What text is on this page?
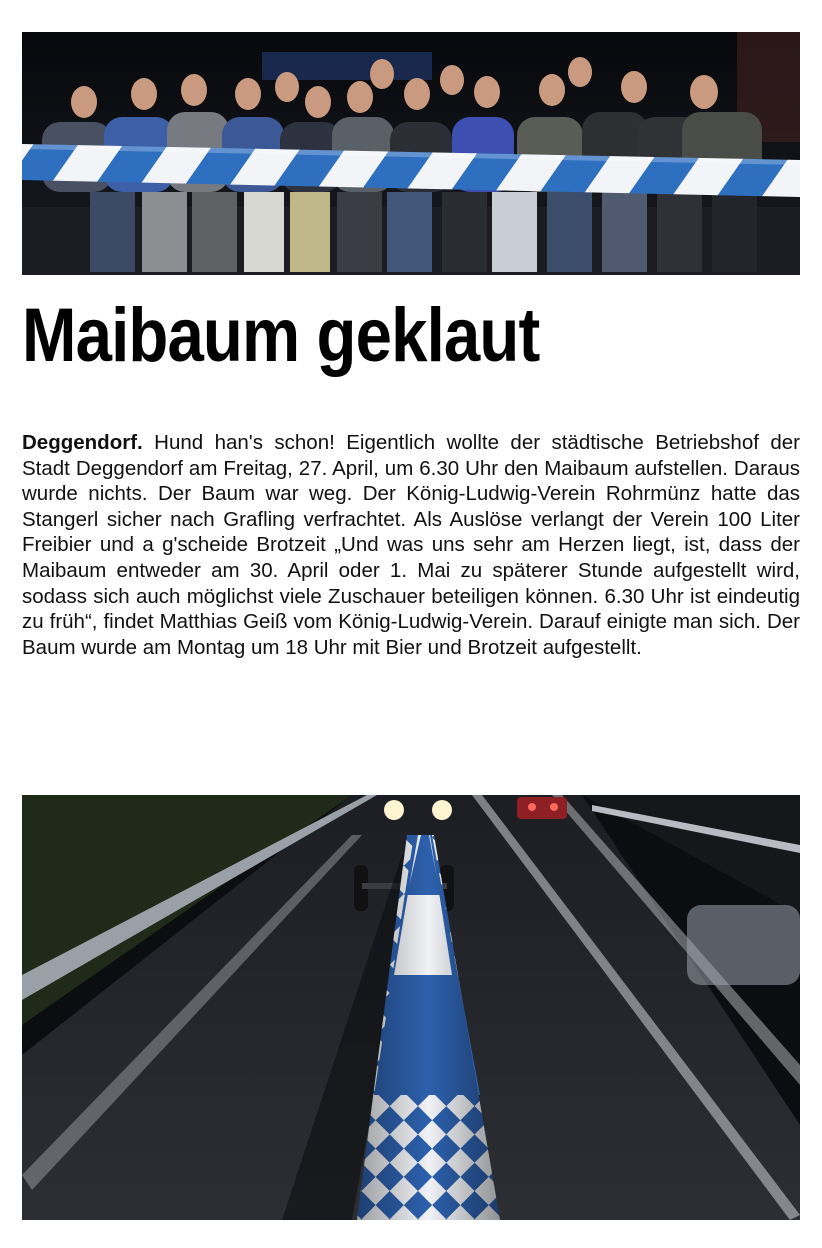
Maibaum geklaut
Deggendorf. Hund han's schon! Eigentlich wollte der städtische Betriebshof der Stadt Deggendorf am Freitag, 27. April, um 6.30 Uhr den Maibaum aufstellen. Daraus wurde nichts. Der Baum war weg. Der König-Ludwig-Verein Rohrmünz hatte das Stangerl sicher nach Grafling verfrachtet. Als Auslöse verlangt der Verein 100 Liter Freibier und a g'scheide Brotzeit „Und was uns sehr am Herzen liegt, ist, dass der Maibaum entweder am 30. April oder 1. Mai zu späterer Stunde aufgestellt wird, sodass sich auch möglichst viele Zuschauer beteiligen können. 6.30 Uhr ist eindeutig zu früh“, findet Matthias Geiß vom König-Ludwig-Verein. Darauf einigte man sich. Der Baum wurde am Montag um 18 Uhr mit Bier und Brotzeit aufgestellt.
